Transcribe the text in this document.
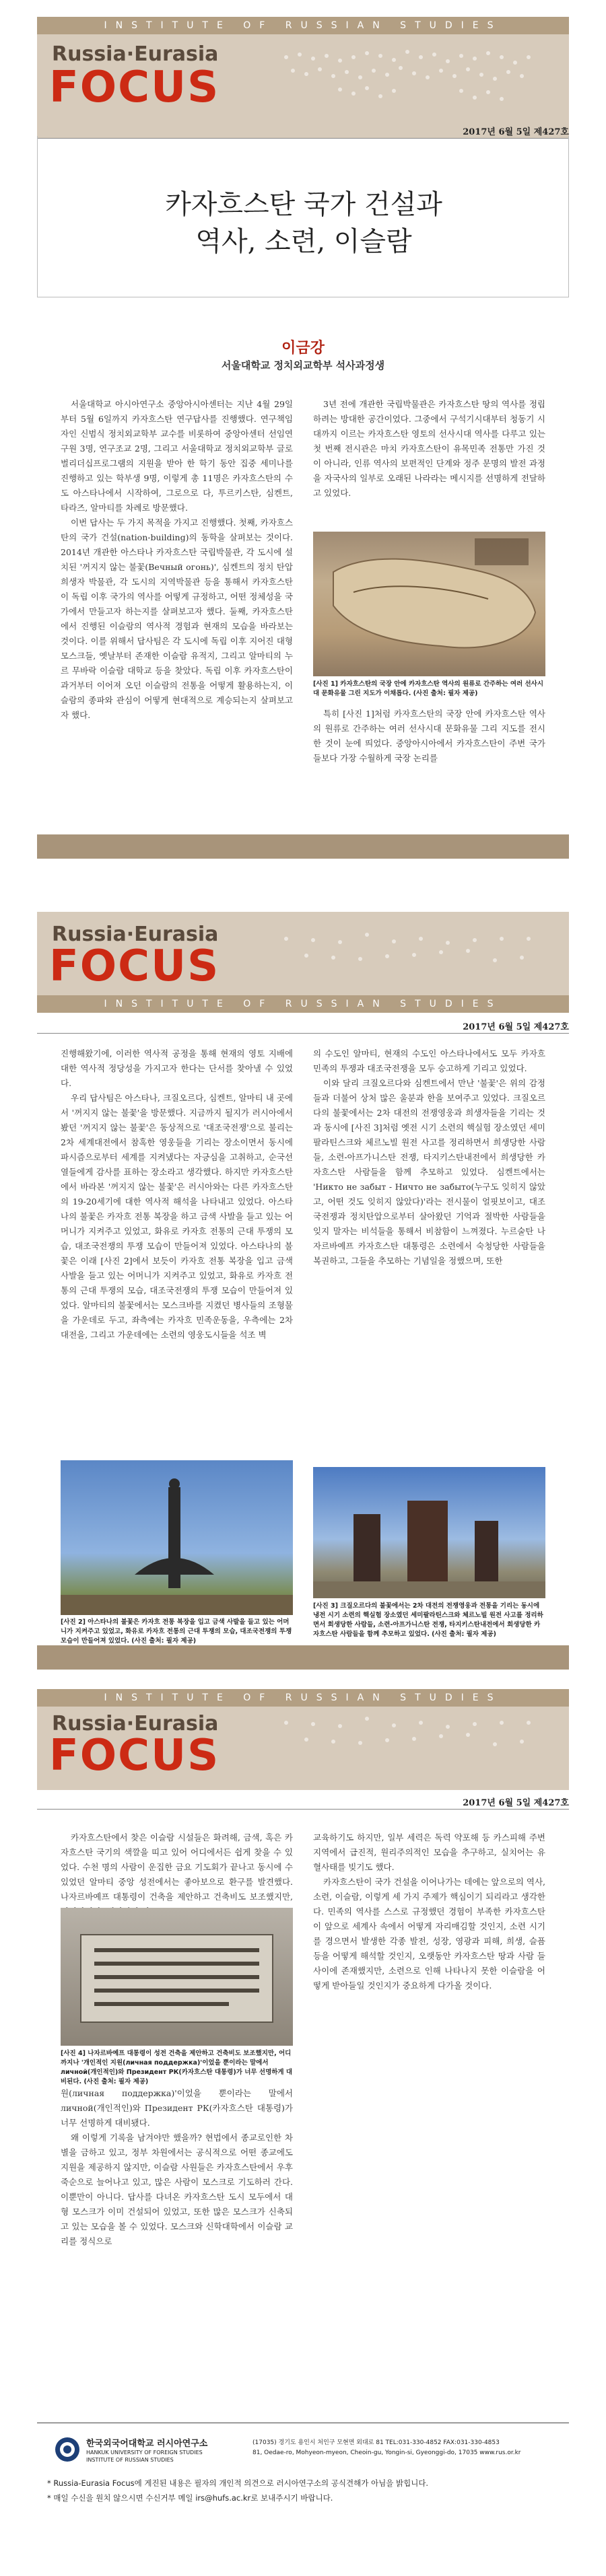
INSTITUTE OF RUSSIAN STUDIES
Russia·Eurasia
FOCUS
2017년 6월 5일 제427호
카자흐스탄 국가 건설과
역사, 소련, 이슬람
이금강
서울대학교 정치외교학부 석사과정생

서울대학교 아시아연구소 중앙아시아센터는 지난 4월 29일부터 5월 6일까지 카자흐스탄 연구답사를 진행했다. 연구책임자인 신범식 정치외교학부 교수를 비롯하여 중앙아센터 선임연구원 3명, 연구조교 2명, 그리고 서울대학교 정치외교학부 글로벌리더십프로그램의 지원을 받아 한 학기 동안 집중 세미나를 진행하고 있는 학부생 9명, 이렇게 총 11명은 카자흐스탄의 수도 아스타나에서 시작하여, 그로으로 다, 투르키스탄, 심켄트, 타라즈, 알마티를 차례로 방문했다.

이번 답사는 두 가지 목적을 가지고 진행했다. 첫째, 카자흐스탄의 국가 건설(nation-building)의 동학을 살펴보는 것이다. 2014년 개관한 아스타나 카자흐스탄 국립박물관, 각 도시에 설치된 '꺼지지 않는 불꽃(Вечный огонь)', 심켄트의 정치 탄압 희생자 박물관, 각 도시의 지역박물관 등을 통해서 카자흐스탄이 독립 이후 국가의 역사를 어떻게 규정하고, 어떤 정체성을 국가에서 만들고자 하는지를 살펴보고자 했다. 둘째, 카자흐스탄에서 진행된 이슬람의 역사적 경험과 현재의 모습을 바라보는 것이다. 이를 위해서 답사팀은 각 도시에 독립 이후 지어진 대형 모스크들, 옛날부터 존재한 이슬람 유적지, 그리고 알마티의 누르 무바락 이슬람 대학교 등을 찾았다. 독립 이후 카자흐스탄이 과거부터 이어져 오던 이슬람의 전통을 어떻게 활용하는지, 이슬람의 종파와 관심이 어떻게 현대적으로 계승되는지 살펴보고자 했다.

3년 전에 개관한 국립박물관은 카자흐스탄 땅의 역사를 정립하려는 방대한 공간이었다. 그중에서 구석기시대부터 청동기 시대까지 이르는 카자흐스탄 영토의 선사시대 역사를 다루고 있는 첫 번째 전시관은 마치 카자흐스탄이 유목민족 전통만 가진 것이 아니라, 인류 역사의 보편적인 단계와 정주 문명의 발전 과정을 자국사의 일부로 오래된 나라라는 메시지를 선명하게 전달하고 있었다.

[사진 1] 카자흐스탄의 국장 안에 카자흐스탄 역사의 원류로 간주하는 여러 선사시대 문화유물 그린 지도가 이채롭다. (사진 출처: 필자 제공)

특히 [사진 1]처럼 카자흐스탄의 국장 안에 카자흐스탄 역사의 원류로 간주하는 여러 선사시대 문화유물 그리 지도를 전시한 것이 눈에 띄었다. 중앙아시아에서 카자흐스탄이 주변 국가들보다 가장 수월하게 국장 논리를

Russia·Eurasia
FOCUS
INSTITUTE OF RUSSIAN STUDIES
2017년 6월 5일 제427호

진행해왔기에, 이러한 역사적 공정을 통해 현재의 영토 지배에 대한 역사적 정당성을 가지고자 한다는 단서를 찾아낼 수 있었다.

우리 답사팀은 아스타나, 크질오르다, 심켄트, 알마티 내 곳에서 '꺼지지 않는 불꽃'을 방문했다. 지금까지 될지가 러시아에서 봤던 '꺼지지 않는 불꽃'은 동상적으로 '대조국전쟁'으로 불리는 2차 세계대전에서 참혹한 영웅들을 기리는 장소이면서 동시에 파시즘으로부터 세계를 지켜냈다는 자긍심을 고취하고, 순국선열들에게 감사를 표하는 장소라고 생각했다. 하지만 카자흐스탄에서 바라본 '꺼지지 않는 불꽃'은 러시아와는 다른 카자흐스탄의 19-20세기에 대한 역사적 해석을 나타내고 있었다. 아스타나의 불꽃은 카자흐 전통 복장을 하고 금색 사발을 들고 있는 어머니가 지켜주고 있었고, 화유로 카자흐 전통의 근대 투쟁의 모습, 대조국전쟁의 투쟁 모습이 만들어져 있었다. 아스타나의 불꽃은 이래 [사진 2]에서 보듯이 카자흐 전통 복장을 입고 금색 사발을 들고 있는 어머니가 지켜주고 있었고, 화유로 카자흐 전통의 근대 투쟁의 모습, 대조국전쟁의 투쟁 모습이 만들어져 있었다. 알마티의 불꽃에서는 모스크바를 지켰던 병사들의 조형물을 가운데로 두고, 좌측에는 카자흐 민족운동을, 우측에는 2차대전을, 그리고 가운데에는 소련의 영웅도시들을 석조 벽

의 수도인 알마티, 현재의 수도인 아스타나에서도 모두 카자흐 민족의 투쟁과 대조국전쟁을 모두 승고하게 기리고 있었다.

이와 달리 크질오르다와 심켄트에서 만난 '불꽃'은 위의 감정들과 더불어 상처 많은 울분과 한을 보여주고 있었다. 크질오르다의 불꽃에서는 2차 대전의 전쟁영웅과 희생자들을 기리는 것과 동시에 [사진 3]처럼 옛전 시기 소련의 핵실험 장소였던 세미팔라틴스크와 체르노빌 원전 사고를 정리하면서 희생당한 사람들, 소련-아프가니스탄 전쟁, 타지키스탄내전에서 희생당한 카자흐스탄 사람들을 함께 추모하고 있었다. 심켄트에서는 'Никто не забыт - Ничто не забыто(누구도 잊히지 않았고, 어떤 것도 잊히지 않았다)'라는 전시물이 얼핏보이고, 대조국전쟁과 정치탄압으로부터 살아왔던 기억과 절박한 사람들을 잊지 말자는 비석들을 통해서 비참함이 느껴졌다. 누르술탄 나자르바예프 카자흐스탄 대통령은 소련에서 숙청당한 사람들을 복권하고, 그들을 추모하는 기념일을 정했으며, 또한

[사진 2] 아스타나의 불꽃은 카자흐 전통 복장을 입고 금색 사발을 들고 있는 어머니가 지켜주고 있었고, 화유로 카자흐 전통의 근대 투쟁의 모습, 대조국전쟁의 투쟁 모습이 만들어져 있었다. (사진 출처: 필자 제공)
[사진 3] 크질오르다의 불꽃에서는 2차 대전의 전쟁영웅과 전통을 기리는 동시에 냉전 시기 소련의 핵실험 장소였던 세미팔라틴스크와 체르노빌 원전 사고를 정리하면서 희생당한 사람들, 소련-아프가니스탄 전쟁, 타지키스탄내전에서 희생당한 카자흐스탄 사람들을 함께 추모하고 있었다. (사진 출처: 필자 제공)
INSTITUTE OF RUSSIAN STUDIES
Russia·Eurasia
FOCUS
2017년 6월 5일 제427호

카자흐스탄에서 찾은 이슬람 시설들은 화려해, 금색, 혹은 카자흐스탄 국기의 색깔을 띠고 있어 어디에서든 쉽게 찾을 수 있었다. 수천 명의 사람이 운집한 금요 기도회가 끝나고 동시에 수 있었던 알마티 중앙 성전에서는 좋아보으로 환구를 발견했다. 나자르바예프 대통령이 건축을 제안하고 건축비도 보조했지만,

[사진 4] 나자르바예프 대통령이 성전 건축을 제안하고 건축비도 보조했지만, 어디까지나 '개인적인 지원(личная поддержка)'이었을 뿐이라는 말에서 личной(개인적인)와 Президент РК(카자흐스탄 대통령)가 너무 선명하게 대비된다. (사진 출처: 필자 제공)

원(личная поддержка)'이었을 뿐이라는 말에서 личной(개인적인)와 Президент РК(카자흐스탄 대통령)가 너무 선명하게 대비됐다.

왜 이렇게 기록을 남겨야만 했을까? 현법에서 종교로인한 차별을 금하고 있고, 정부 차원에서는 공식적으로 어떤 종교에도 지원을 제공하지 않지만, 이슬람 사원들은 카자흐스탄에서 우후죽순으로 늘어나고 있고, 많은 사람이 모스크로 기도하러 간다. 이뿐만이 아니다. 답사를 다녀온 카자흐스탄 도시 모두에서 대형 모스크가 이미 건설되어 있었고, 또한 많은 모스크가 신축되고 있는 모습을 볼 수 있었다. 모스크와 신학대학에서 이슬람 교리를 정식으로

교육하기도 하지만, 일부 세력은 독력 약포해 등 카스피해 주변 지역에서 급진적, 원리주의적인 모습을 추구하고, 실치어는 유혈사태를 빚기도 했다.

카자흐스탄이 국가 건설을 이어나가는 데에는 앞으로의 역사, 소련, 이슬람, 이렇게 세 가지 주제가 핵심이기 되리라고 생각한다. 민족의 역사를 스스로 규정했던 경험이 부족한 카자흐스탄이 앞으로 세계사 속에서 어떻게 자리매김할 것인지, 소련 시기를 경으면서 발생한 각종 발전, 성장, 영광과 피해, 희생, 슬픔 등을 어떻게 해석할 것인지, 오랫동안 카자흐스탄 땅과 사람 들 사이에 존재했지만, 소련으로 인해 나타나지 못한 이슬람을 어떻게 받아들일 것인지가 중요하게 다가올 것이다.

한국외국어대학교 러시아연구소
HANKUK UNIVERSITY OF FOREIGN STUDIES
INSTITUTE OF RUSSIAN STUDIES
(17035) 경기도 용인시 처인구 모현면 외대로 81 TEL:031-330-4852 FAX:031-330-4853
81, Oedae-ro, Mohyeon-myeon, Cheoin-gu, Yongin-si, Gyeonggi-do, 17035 www.rus.or.kr
* Russia-Eurasia Focus에 게진된 내용은 필자의 개인적 의견으로 러시아연구소의 공식견해가 아님을 밝힙니다.
* 매일 수신을 원치 않으시면 수신거부 메일 irs@hufs.ac.kr로 보내주시기 바랍니다.
